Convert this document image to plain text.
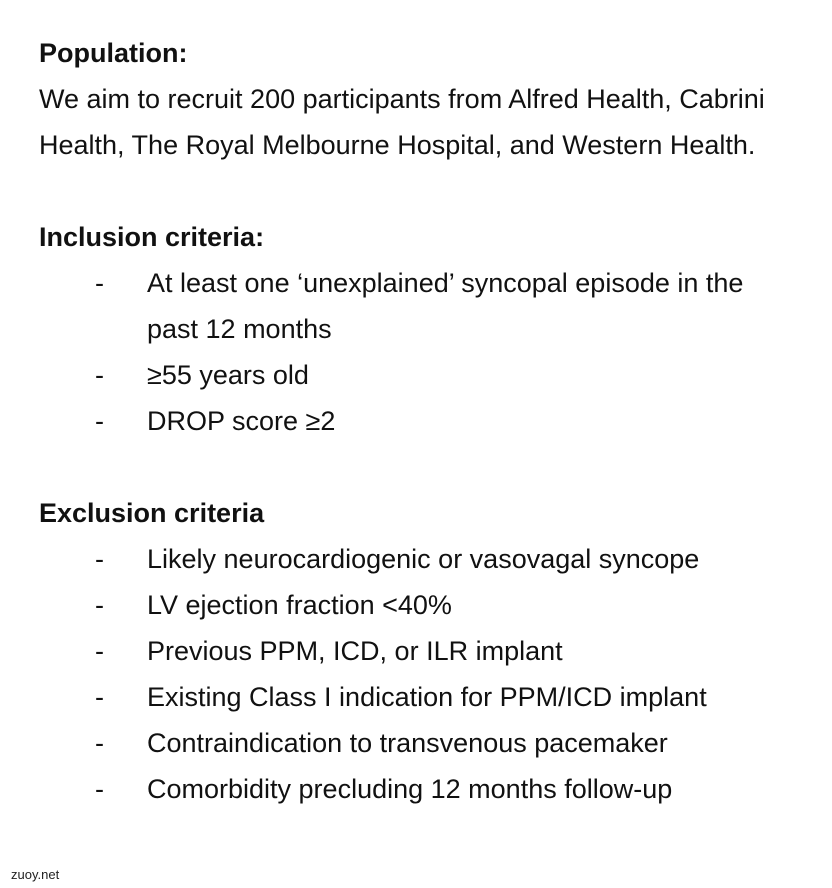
Population:

We aim to recruit 200 participants from Alfred Health, Cabrini Health, The Royal Melbourne Hospital, and Western Health.

Inclusion criteria:

-	At least one ‘unexplained’ syncopal episode in the past 12 months
-	≥55 years old
-	DROP score ≥2

Exclusion criteria

-	Likely neurocardiogenic or vasovagal syncope
-	LV ejection fraction <40%
-	Previous PPM, ICD, or ILR implant
-	Existing Class I indication for PPM/ICD implant
-	Contraindication to transvenous pacemaker
-	Comorbidity precluding 12 months follow-up
zuoy.net
